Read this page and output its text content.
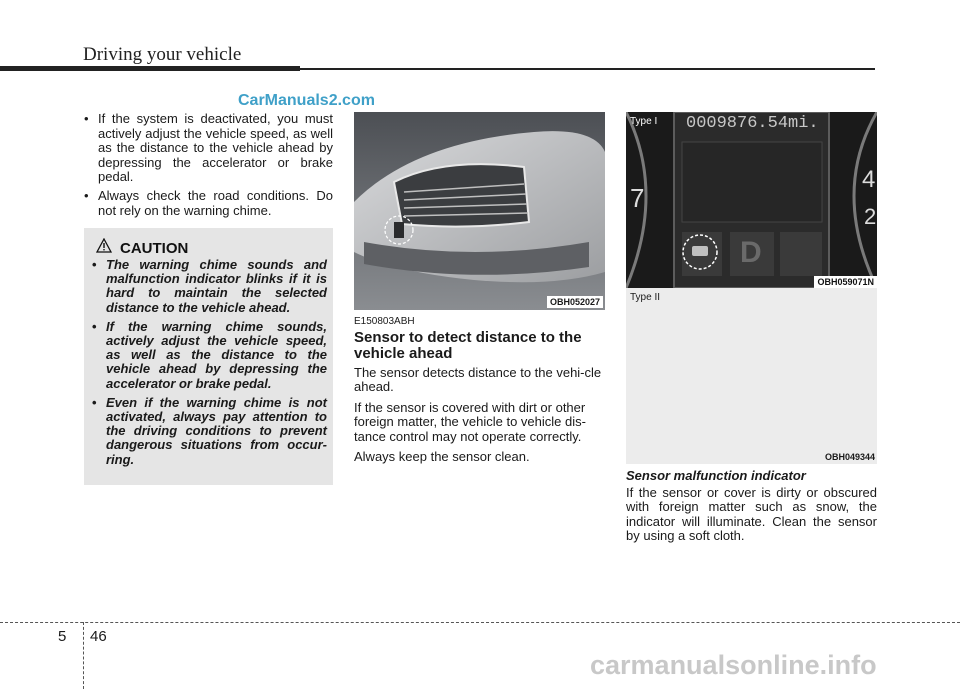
Driving your vehicle
CarManuals2.com
• If the system is deactivated, you must actively adjust the vehicle speed, as well as the distance to the vehicle ahead by depressing the accelerator or brake pedal.
• Always check the road conditions. Do not rely on the warning chime.
CAUTION
• The warning chime sounds and malfunction indicator blinks if it is hard to maintain the selected distance to the vehicle ahead.
• If the warning chime sounds, actively adjust the vehicle speed, as well as the distance to the vehicle ahead by depressing the accelerator or brake pedal.
• Even if the warning chime is not activated, always pay attention to the driving conditions to prevent dangerous situations from occur-ring.
OBH052027
E150803ABH
Sensor to detect distance to the vehicle ahead

The sensor detects distance to the vehi-cle ahead.

If the sensor is covered with dirt or other foreign matter, the vehicle to vehicle dis-tance control may not operate correctly.

Always keep the sensor clean.

Type II
OBH049344
7
4
2
0009876.54mi.
D
Type I
OBH059071N
Sensor malfunction indicator
If the sensor or cover is dirty or obscured with foreign matter such as snow, the indicator will illuminate. Clean the sensor by using a soft cloth.
5 46
carmanualsonline.info
